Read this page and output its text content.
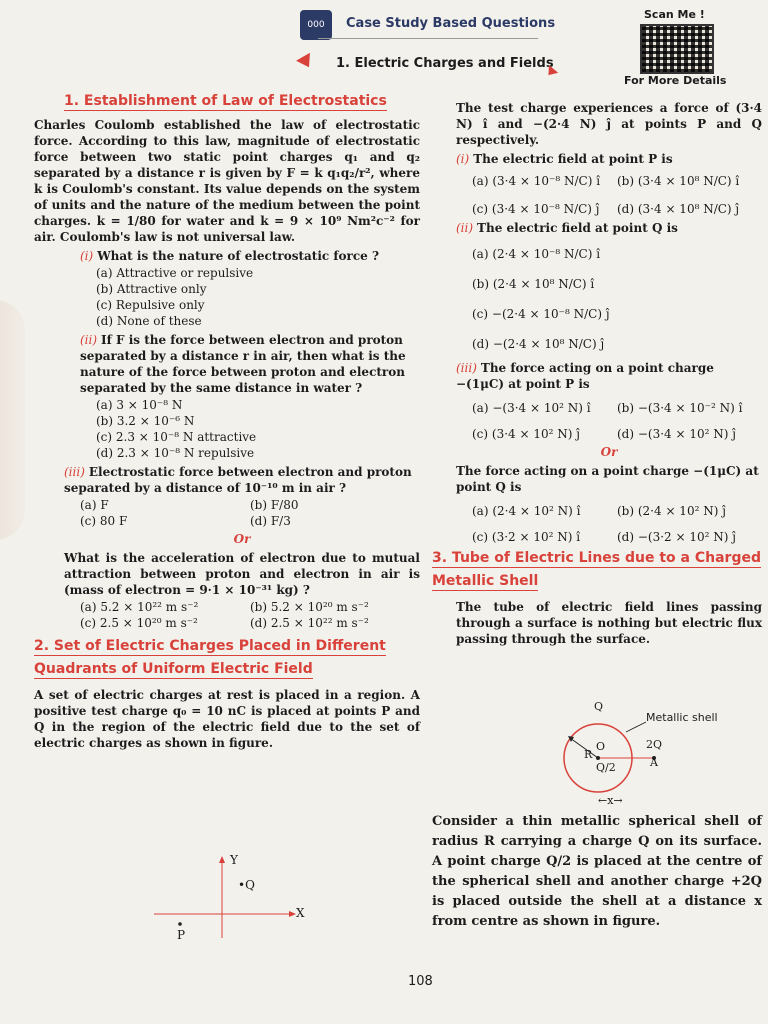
000	Case Study Based Questions
1. Electric Charges and Fields
Scan Me !
For More Details
1. Establishment of Law of Electrostatics

Charles Coulomb established the law of electrostatic force. According to this law, magnitude of electrostatic force between two static point charges q₁ and q₂ separated by a distance r is given by F = k q₁q₂/r², where k is Coulomb's constant. Its value depends on the system of units and the nature of the medium between the point charges. k = 1/80 for water and k = 9 × 10⁹ Nm²c⁻² for air. Coulomb's law is not universal law.

(i) What is the nature of electrostatic force ?
(a) Attractive or repulsive
(b) Attractive only
(c) Repulsive only
(d) None of these
(ii) If F is the force between electron and proton separated by a distance r in air, then what is the nature of the force between proton and electron separated by the same distance in water ?
(a) 3 × 10⁻⁸ N
(b) 3.2 × 10⁻⁶ N
(c) 2.3 × 10⁻⁸ N attractive
(d) 2.3 × 10⁻⁸ N repulsive
(iii) Electrostatic force between electron and proton separated by a distance of 10⁻¹⁰ m in air ?
(a) F	(b) F/80
(c) 80 F	(d) F/3
Or
What is the acceleration of electron due to mutual attraction between proton and electron in air is (mass of electron = 9·1 × 10⁻³¹ kg) ?
(a) 5.2 × 10²² m s⁻²	(b) 5.2 × 10²⁰ m s⁻²
(c) 2.5 × 10²⁰ m s⁻²	(d) 2.5 × 10²² m s⁻²
2. Set of Electric Charges Placed in Different
Quadrants of Uniform Electric Field

A set of electric charges at rest is placed in a region. A positive test charge q₀ = 10 nC is placed at points P and Q in the region of the electric field due to the set of electric charges as shown in figure.

Y
X
•Q
P

The test charge experiences a force of (3·4 N) î and −(2·4 N) ĵ at points P and Q respectively.

(i) The electric field at point P is
(a) (3·4 × 10⁻⁸ N/C) î	(b) (3·4 × 10⁸ N/C) î
(c) (3·4 × 10⁻⁸ N/C) ĵ	(d) (3·4 × 10⁸ N/C) ĵ
(ii) The electric field at point Q is
(a) (2·4 × 10⁻⁸ N/C) î
(b) (2·4 × 10⁸ N/C) î
(c) −(2·4 × 10⁻⁸ N/C) ĵ
(d) −(2·4 × 10⁸ N/C) ĵ
(iii) The force acting on a point charge −(1μC) at point P is
(a) −(3·4 × 10² N) î	(b) −(3·4 × 10⁻² N) î
(c) (3·4 × 10² N) ĵ	(d) −(3·4 × 10² N) ĵ
Or
The force acting on a point charge −(1μC) at point Q is
(a) (2·4 × 10² N) î	(b) (2·4 × 10² N) ĵ
(c) (3·2 × 10² N) î	(d) −(3·2 × 10² N) ĵ
3. Tube of Electric Lines due to a Charged
Metallic Shell

The tube of electric field lines passing through a surface is nothing but electric flux passing through the surface.

Metallic shell
Q
R
O
Q/2
2Q
A
←x→

Consider a thin metallic spherical shell of radius R carrying a charge Q on its surface. A point charge Q/2 is placed at the centre of the spherical shell and another charge +2Q is placed outside the shell at a distance x from centre as shown in figure.

108
